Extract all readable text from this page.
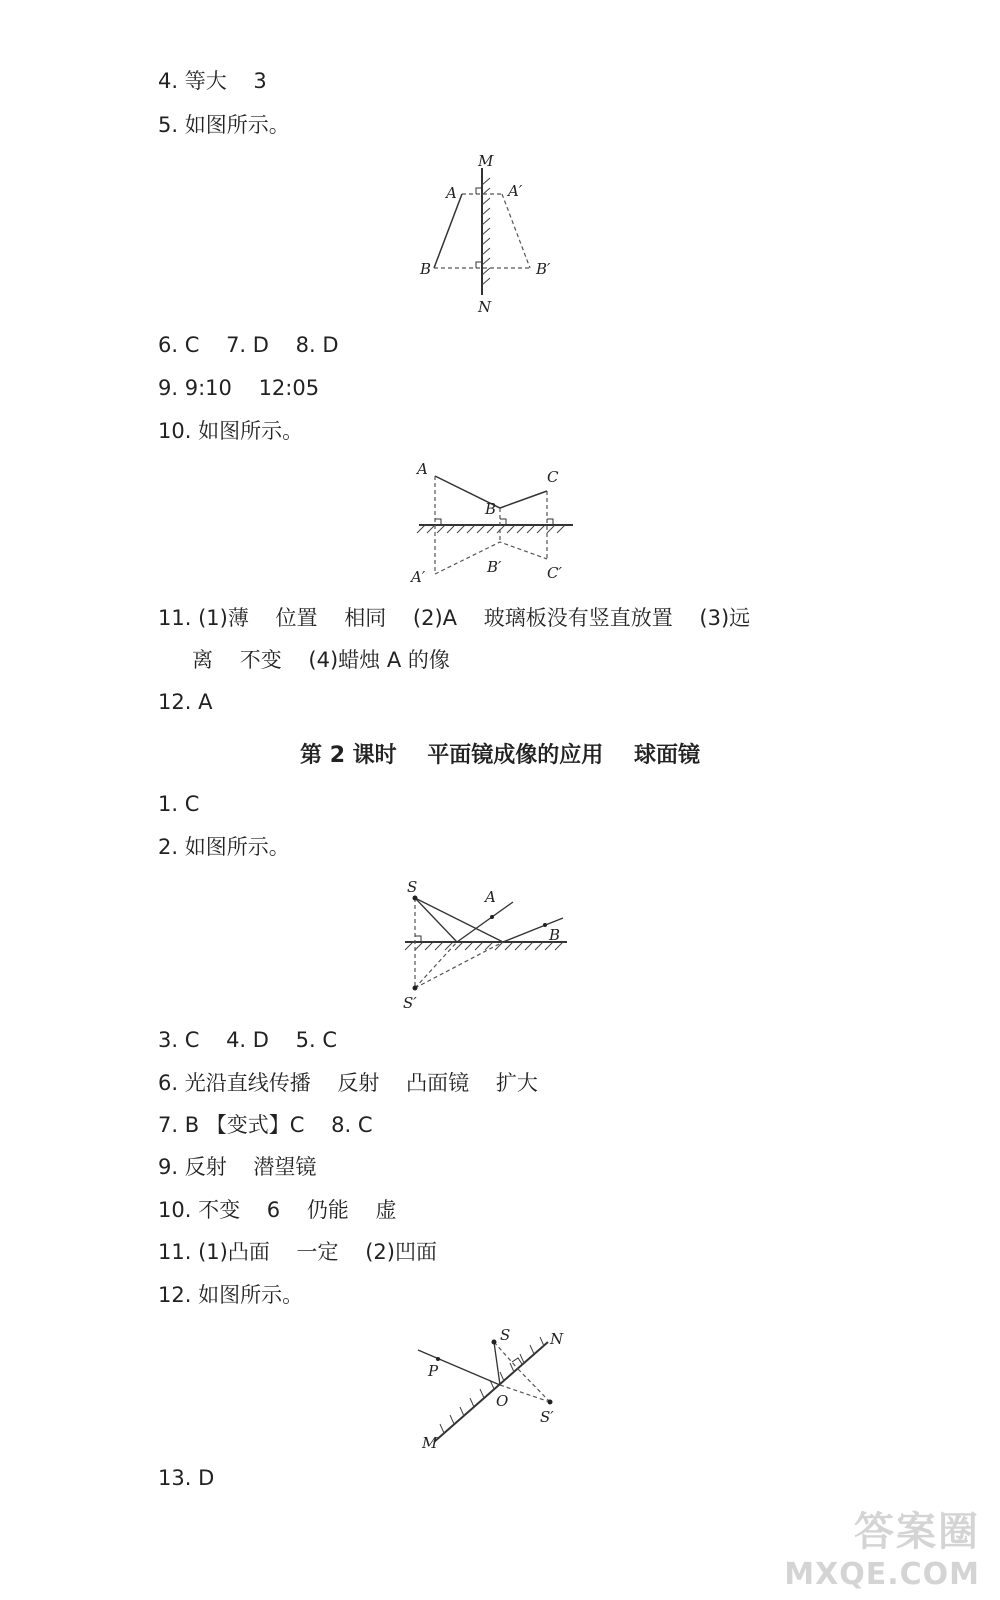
4. 等大    3
5. 如图所示。
M
N
A	A′
B	B′
6. C    7. D    8. D
9. 9:10    12:05
10. 如图所示。
A
B
C
A′
B′	C′
11. (1)薄    位置    相同    (2)A    玻璃板没有竖直放置    (3)远
离    不变    (4)蜡烛 A 的像
12. A
第 2 课时    平面镜成像的应用    球面镜
1. C
2. 如图所示。
S
A
B
S′
3. C    4. D    5. C
6. 光沿直线传播    反射    凸面镜    扩大
7. B 【变式】C    8. C
9. 反射    潜望镜
10. 不变    6    仍能    虚
11. (1)凸面    一定    (2)凹面
12. 如图所示。
S	N
P
O
S′
M
13. D
答案圈
MXQE.COM
